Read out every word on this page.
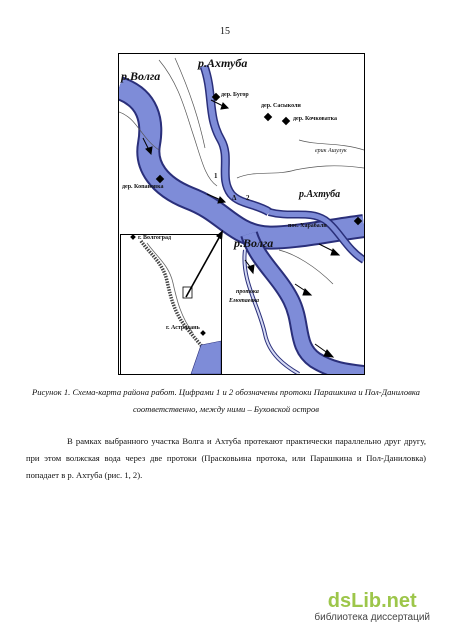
15
р.Ахтуба
р.Волга
дер. Бугор
дер. Сасыколи
дер. Кочковатка
ерик Ашулук
1
дер. Копановка
р.Ахтуба
Δ 2
пос. Харабали
р.Волга
протока
Емотаевка
г. Волгоград
г. Астрахань
Рисунок 1. Схема-карта района работ. Цифрами 1 и 2 обозначены протоки Парашкина и Пол-Даниловка соответственно, между ними – Буховской остров
В рамках выбранного участка Волга и Ахтуба протекают практически параллельно друг другу, при этом волжская вода через две протоки (Прасковьина протока, или Парашкина и Пол-Даниловка) попадает в р. Ахтуба (рис. 1, 2).
dsLib.net
библиотека диссертаций
